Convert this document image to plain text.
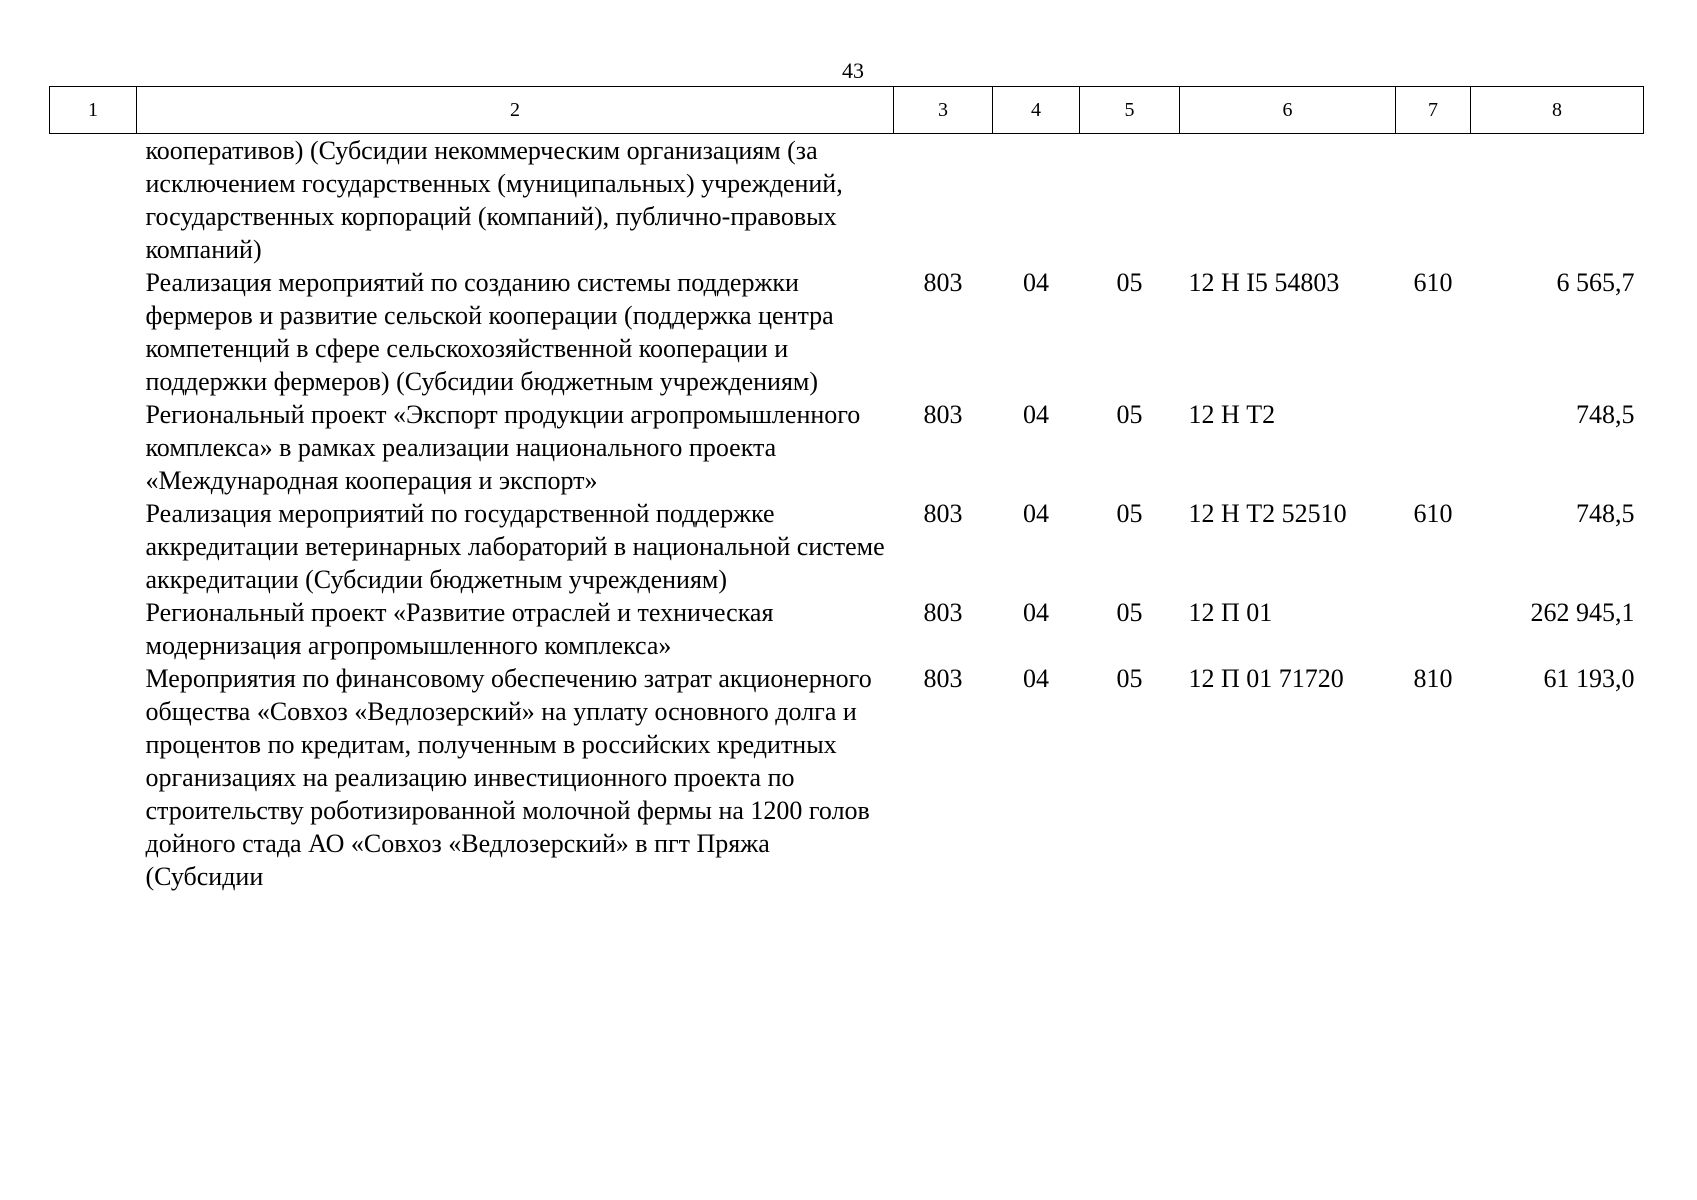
43
1	2	3	4	5	6	7	8
	кооперативов) (Субсидии некоммерческим организациям (за исключением государственных (муниципальных) учреждений, государственных корпораций (компаний), публично-правовых компаний)						
	Реализация мероприятий по созданию системы поддержки фермеров и развитие сельской кооперации (поддержка центра компетенций в сфере сельскохозяйственной кооперации и поддержки фермеров) (Субсидии бюджетным учреждениям)	803	04	05	12 Н I5 54803	610	6 565,7
	Региональный проект «Экспорт продукции агропромышленного комплекса» в рамках реализации национального проекта «Международная кооперация и экспорт»	803	04	05	12 Н Т2		748,5
	Реализация мероприятий по государственной поддержке аккредитации ветеринарных лабораторий в национальной системе аккредитации (Субсидии бюджетным учреждениям)	803	04	05	12 Н Т2 52510	610	748,5
	Региональный проект «Развитие отраслей и техническая модернизация агропромышленного комплекса»	803	04	05	12 П 01		262 945,1
	Мероприятия по финансовому обеспечению затрат акционерного общества «Совхоз «Ведлозерский» на уплату основного долга и процентов по кредитам, полученным в российских кредитных организациях на реализацию инвестиционного проекта по строительству роботизированной молочной фермы на 1200 голов дойного стада АО «Совхоз «Ведлозерский» в пгт Пряжа (Субсидии	803	04	05	12 П 01 71720	810	61 193,0
